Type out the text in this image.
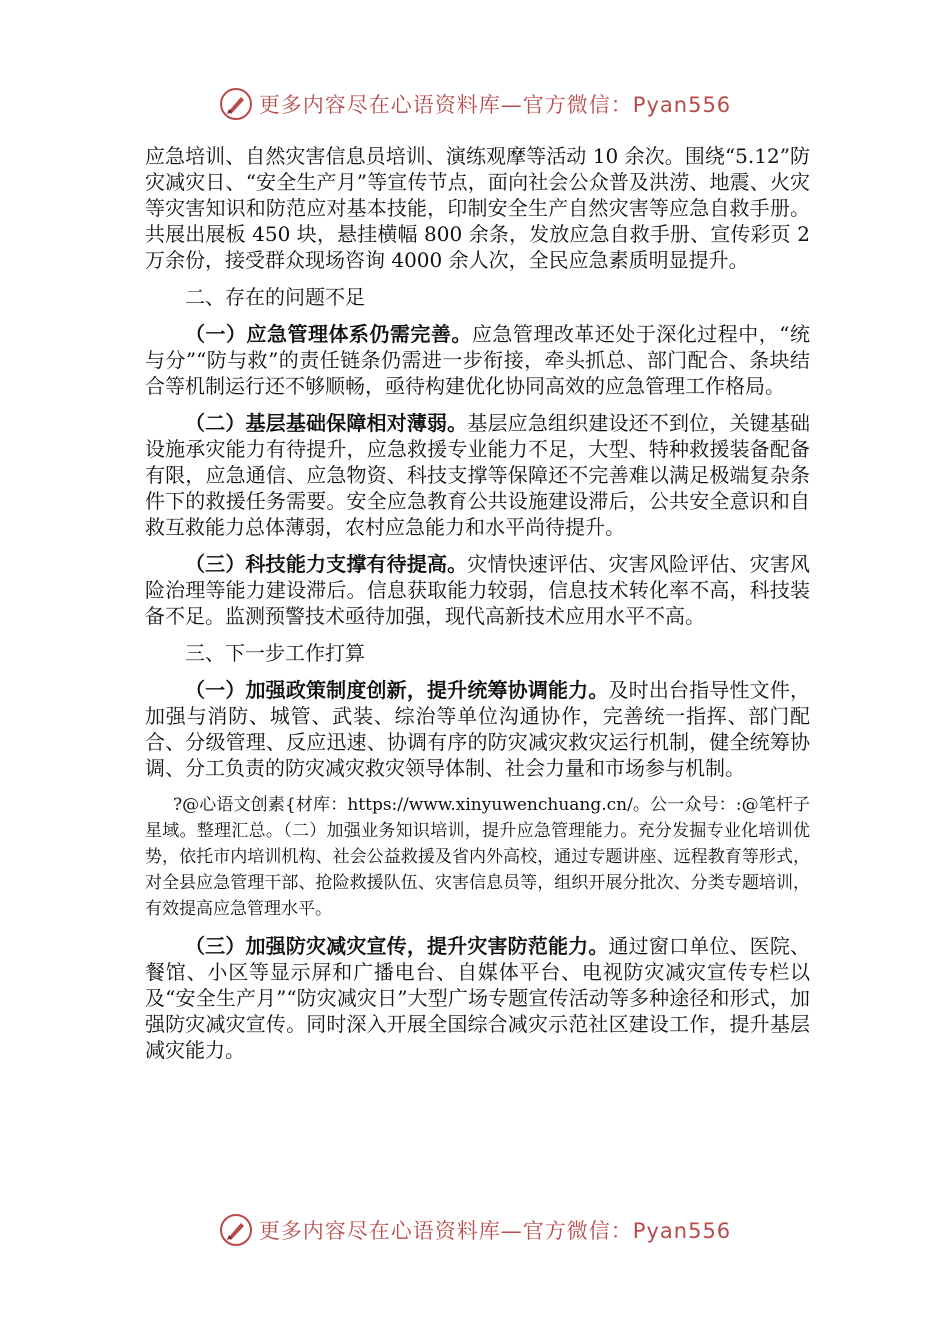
更多内容尽在心语资料库—官方微信：Pyan556

应急培训、自然灾害信息员培训、演练观摩等活动 10 余次。围绕“5.12”防灾减灾日、“安全生产月”等宣传节点，面向社会公众普及洪涝、地震、火灾等灾害知识和防范应对基本技能，印制安全生产自然灾害等应急自救手册。共展出展板 450 块，悬挂横幅 800 余条，发放应急自救手册、宣传彩页 2 万余份，接受群众现场咨询 4000 余人次，全民应急素质明显提升。

二、存在的问题不足

（一）应急管理体系仍需完善。应急管理改革还处于深化过程中，“统与分”“防与救”的责任链条仍需进一步衔接，牵头抓总、部门配合、条块结合等机制运行还不够顺畅，亟待构建优化协同高效的应急管理工作格局。

（二）基层基础保障相对薄弱。基层应急组织建设还不到位，关键基础设施承灾能力有待提升，应急救援专业能力不足，大型、特种救援装备配备有限，应急通信、应急物资、科技支撑等保障还不完善难以满足极端复杂条件下的救援任务需要。安全应急教育公共设施建设滞后，公共安全意识和自救互救能力总体薄弱，农村应急能力和水平尚待提升。

（三）科技能力支撑有待提高。灾情快速评估、灾害风险评估、灾害风险治理等能力建设滞后。信息获取能力较弱，信息技术转化率不高，科技装备不足。监测预警技术亟待加强，现代高新技术应用水平不高。

三、下一步工作打算

（一）加强政策制度创新，提升统筹协调能力。及时出台指导性文件，加强与消防、城管、武装、综治等单位沟通协作，完善统一指挥、部门配合、分级管理、反应迅速、协调有序的防灾减灾救灾运行机制，健全统筹协调、分工负责的防灾减灾救灾领导体制、社会力量和市场参与机制。

?@心语文创素{材库：https://www.xinyuwenchuang.cn/。公一众号：:@笔杆子星域。整理汇总。（二）加强业务知识培训，提升应急管理能力。充分发掘专业化培训优势，依托市内培训机构、社会公益救援及省内外高校，通过专题讲座、远程教育等形式，对全县应急管理干部、抢险救援队伍、灾害信息员等，组织开展分批次、分类专题培训，有效提高应急管理水平。

（三）加强防灾减灾宣传，提升灾害防范能力。通过窗口单位、医院、餐馆、小区等显示屏和广播电台、自媒体平台、电视防灾减灾宣传专栏以及“安全生产月”“防灾减灾日”大型广场专题宣传活动等多种途径和形式，加强防灾减灾宣传。同时深入开展全国综合减灾示范社区建设工作，提升基层减灾能力。

更多内容尽在心语资料库—官方微信：Pyan556
